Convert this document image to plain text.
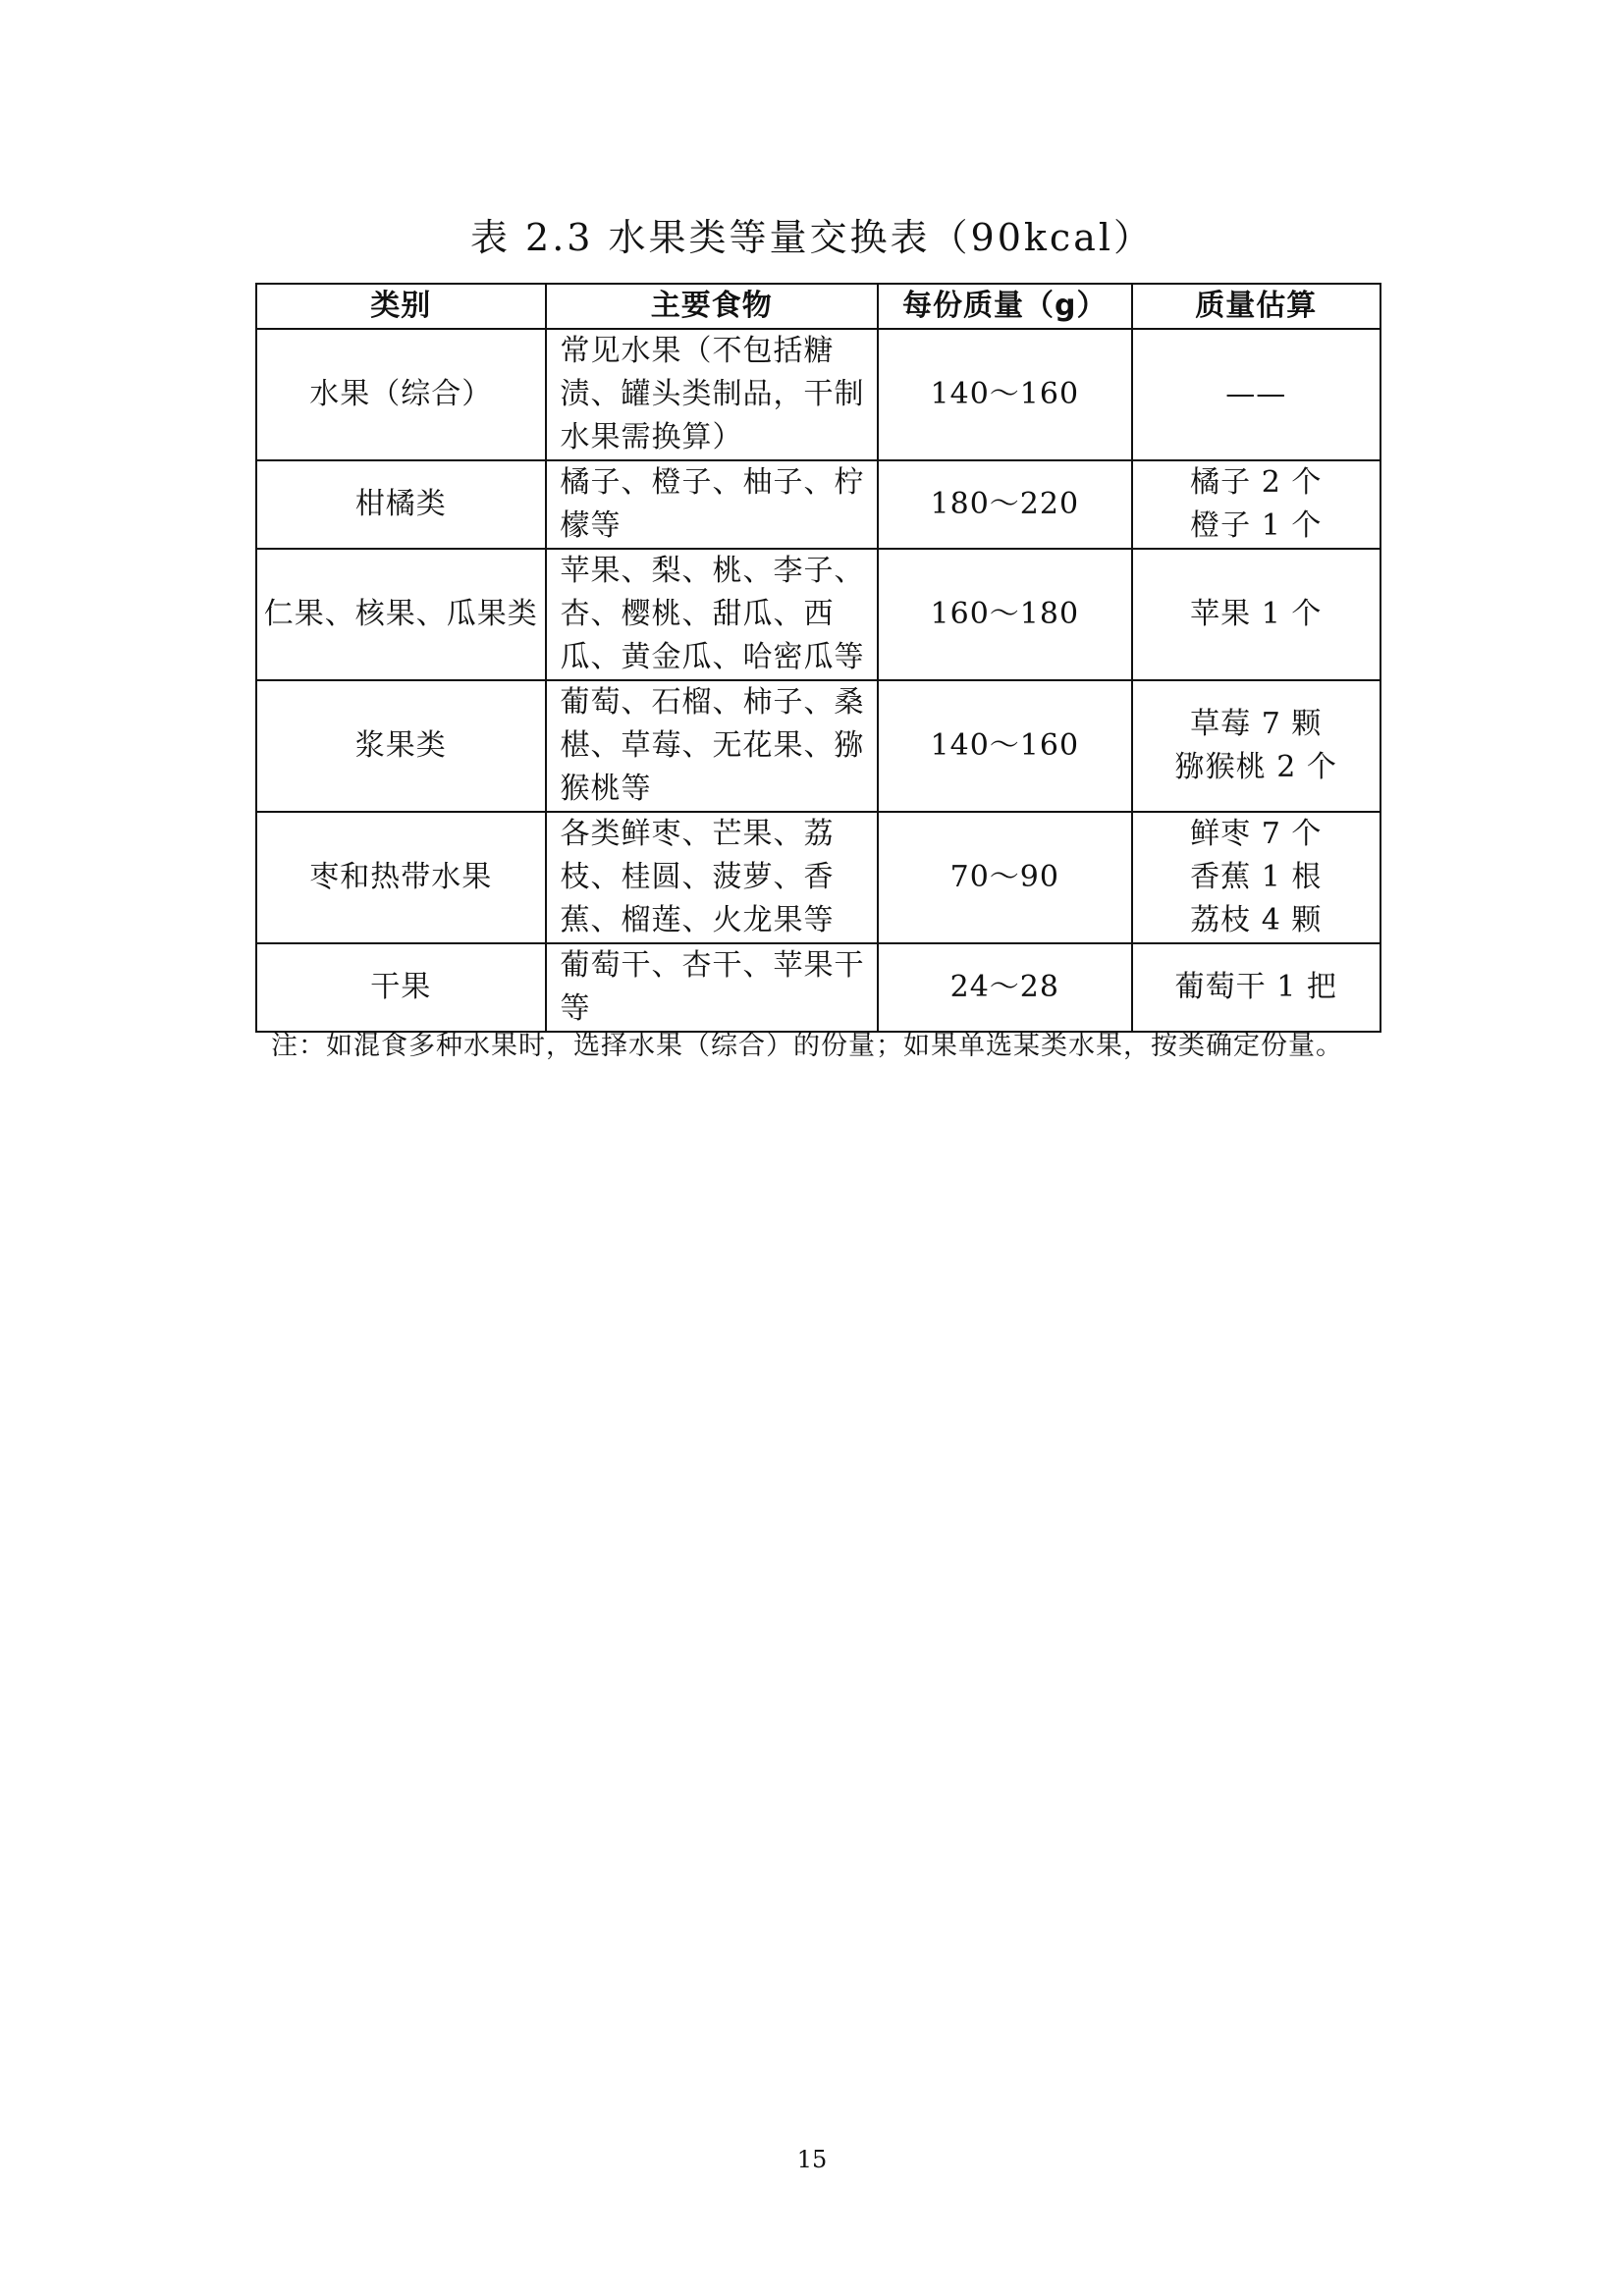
表 2.3 水果类等量交换表（90kcal）
类别	主要食物	每份质量（g）	质量估算
水果（综合）	常见水果（不包括糖渍、罐头类制品，干制水果需换算）	140～160	——

柑橘类	橘子、橙子、柚子、柠檬等	180～220	橘子 2 个
橙子 1 个

仁果、核果、瓜果类	苹果、梨、桃、李子、杏、樱桃、甜瓜、西瓜、黄金瓜、哈密瓜等	160～180	苹果 1 个

浆果类	葡萄、石榴、柿子、桑椹、草莓、无花果、猕猴桃等	140～160	草莓 7 颗
猕猴桃 2 个

枣和热带水果	各类鲜枣、芒果、荔枝、桂圆、菠萝、香蕉、榴莲、火龙果等	70～90	鲜枣 7 个
香蕉 1 根
荔枝 4 颗

干果	葡萄干、杏干、苹果干等	24～28	葡萄干 1 把
注：如混食多种水果时，选择水果（综合）的份量；如果单选某类水果，按类确定份量。
15
